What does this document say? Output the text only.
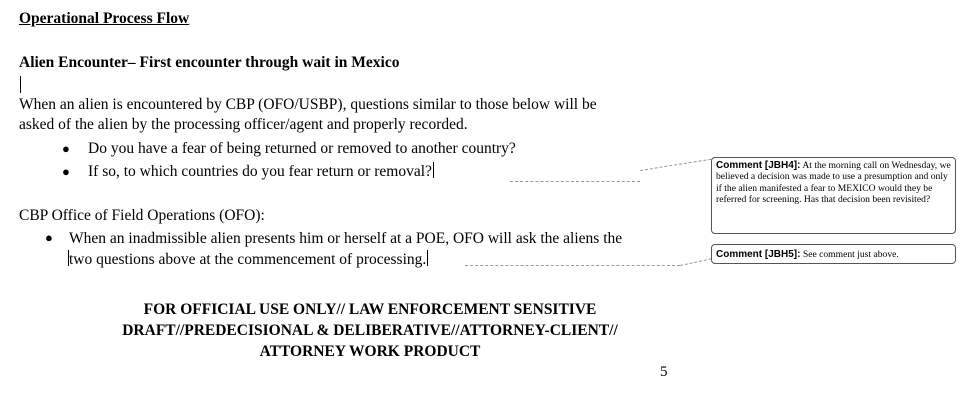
Operational Process Flow
Alien Encounter– First encounter through wait in Mexico
When an alien is encountered by CBP (OFO/USBP), questions similar to those below will be
asked of the alien by the processing officer/agent and properly recorded.
● Do you have a fear of being returned or removed to another country?
● If so, to which countries do you fear return or removal?
CBP Office of Field Operations (OFO):
● When an inadmissible alien presents him or herself at a POE, OFO will ask the aliens the
two questions above at the commencement of processing.
Comment [JBH4]: At the morning call on Wednesday, we believed a decision was made to use a presumption and only if the alien manifested a fear to MEXICO would they be referred for screening. Has that decision been revisited?
Comment [JBH5]: See comment just above.
FOR OFFICIAL USE ONLY// LAW ENFORCEMENT SENSITIVE
DRAFT//PREDECISIONAL & DELIBERATIVE//ATTORNEY-CLIENT//
ATTORNEY WORK PRODUCT
5
